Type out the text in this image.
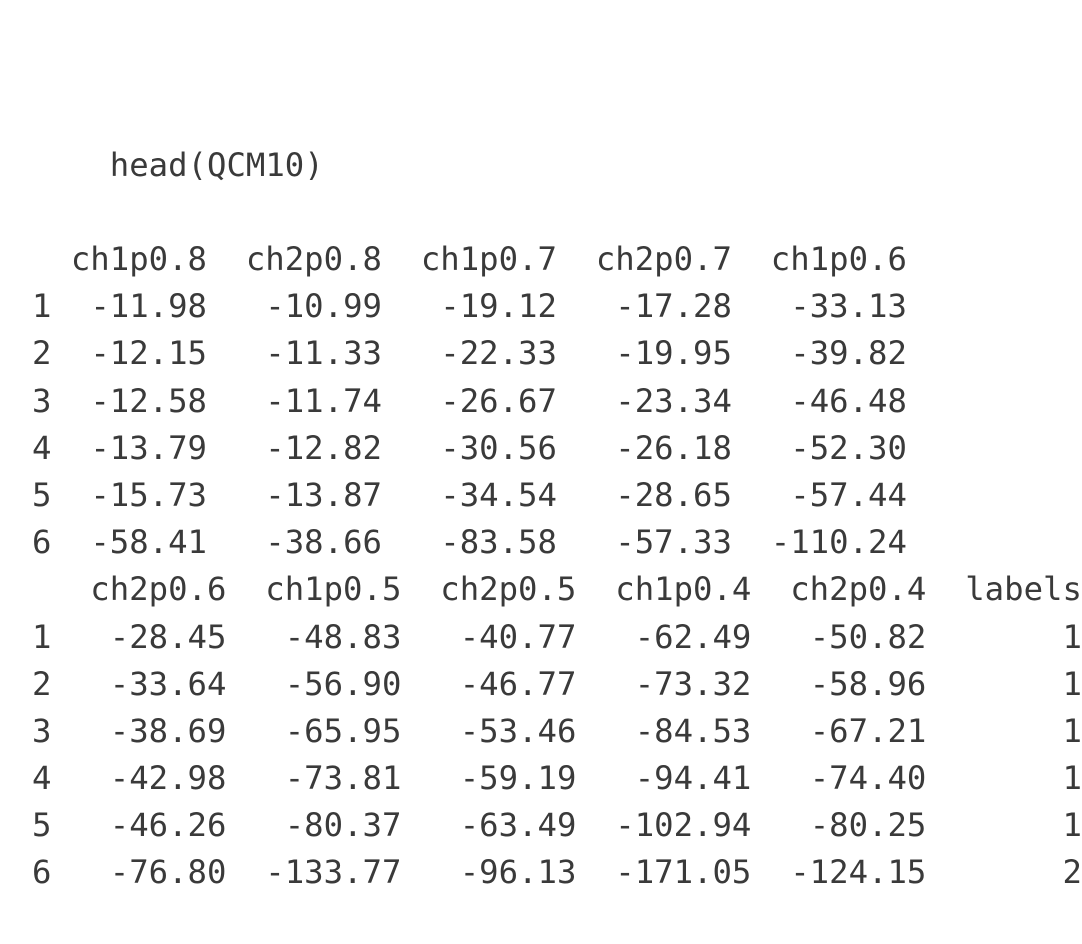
head(QCM10)

ch1p0.8 ch2p0.8 ch1p0.7 ch2p0.7 ch1p0.6
1 -11.98 -10.99 -19.12 -17.28 -33.13
2 -12.15 -11.33 -22.33 -19.95 -39.82
3 -12.58 -11.74 -26.67 -23.34 -46.48
4 -13.79 -12.82 -30.56 -26.18 -52.30
5 -15.73 -13.87 -34.54 -28.65 -57.44
6 -58.41 -38.66 -83.58 -57.33 -110.24
ch2p0.6 ch1p0.5 ch2p0.5 ch1p0.4 ch2p0.4 labels
1 -28.45 -48.83 -40.77 -62.49 -50.82	1
2 -33.64 -56.90 -46.77 -73.32 -58.96	1
3 -38.69 -65.95 -53.46 -84.53 -67.21	1
4 -42.98 -73.81 -59.19 -94.41 -74.40	1
5 -46.26 -80.37 -63.49 -102.94 -80.25	1
6 -76.80 -133.77 -96.13 -171.05 -124.15	2
